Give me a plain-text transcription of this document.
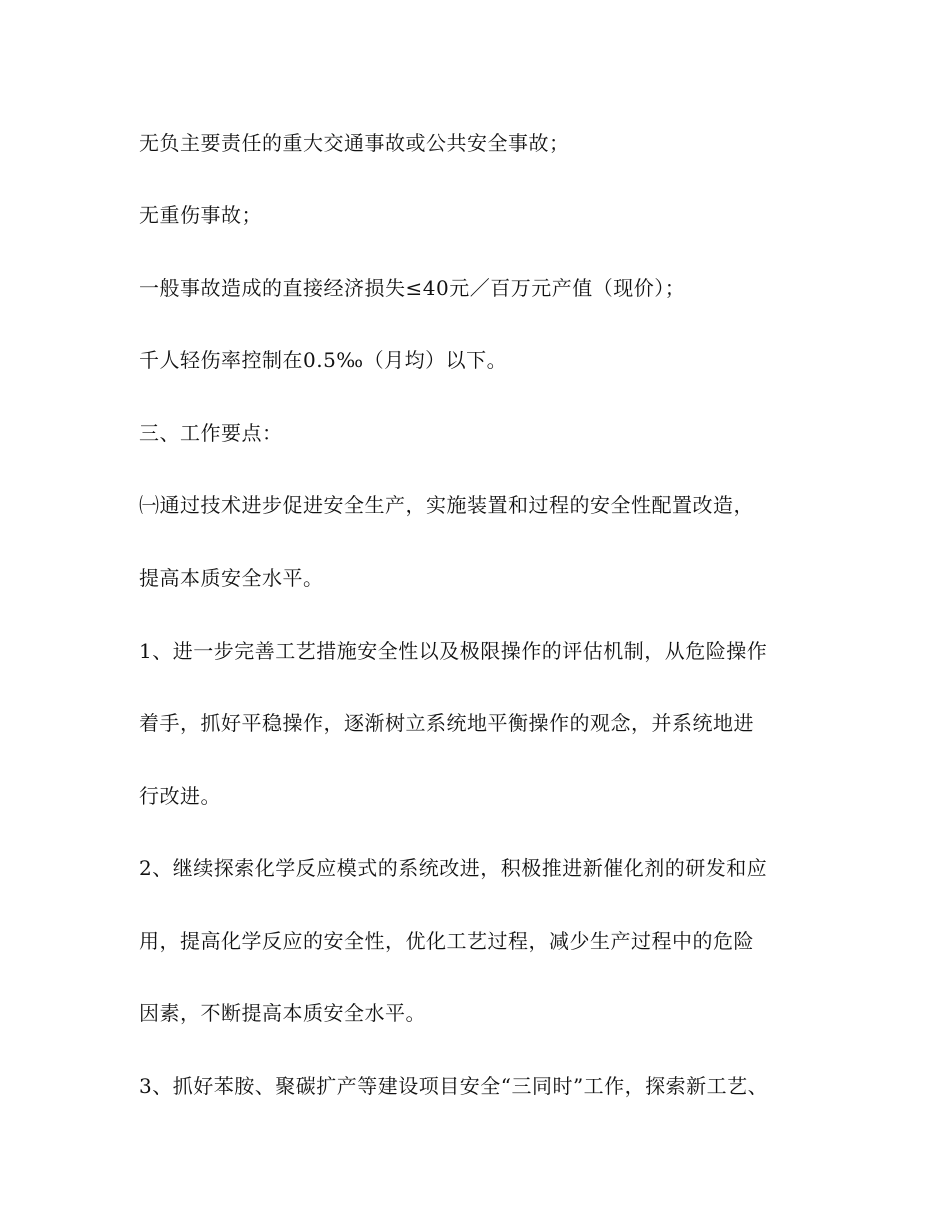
无负主要责任的重大交通事故或公共安全事故；
无重伤事故；
一般事故造成的直接经济损失≤40元／百万元产值（现价）；
千人轻伤率控制在0.5‰（月均）以下。
三、工作要点：
㈠通过技术进步促进安全生产，实施装置和过程的安全性配置改造，
提高本质安全水平。
1、进一步完善工艺措施安全性以及极限操作的评估机制，从危险操作
着手，抓好平稳操作，逐渐树立系统地平衡操作的观念，并系统地进
行改进。
2、继续探索化学反应模式的系统改进，积极推进新催化剂的研发和应
用，提高化学反应的安全性，优化工艺过程，减少生产过程中的危险
因素，不断提高本质安全水平。
3、抓好苯胺、聚碳扩产等建设项目安全“三同时”工作，探索新工艺、
